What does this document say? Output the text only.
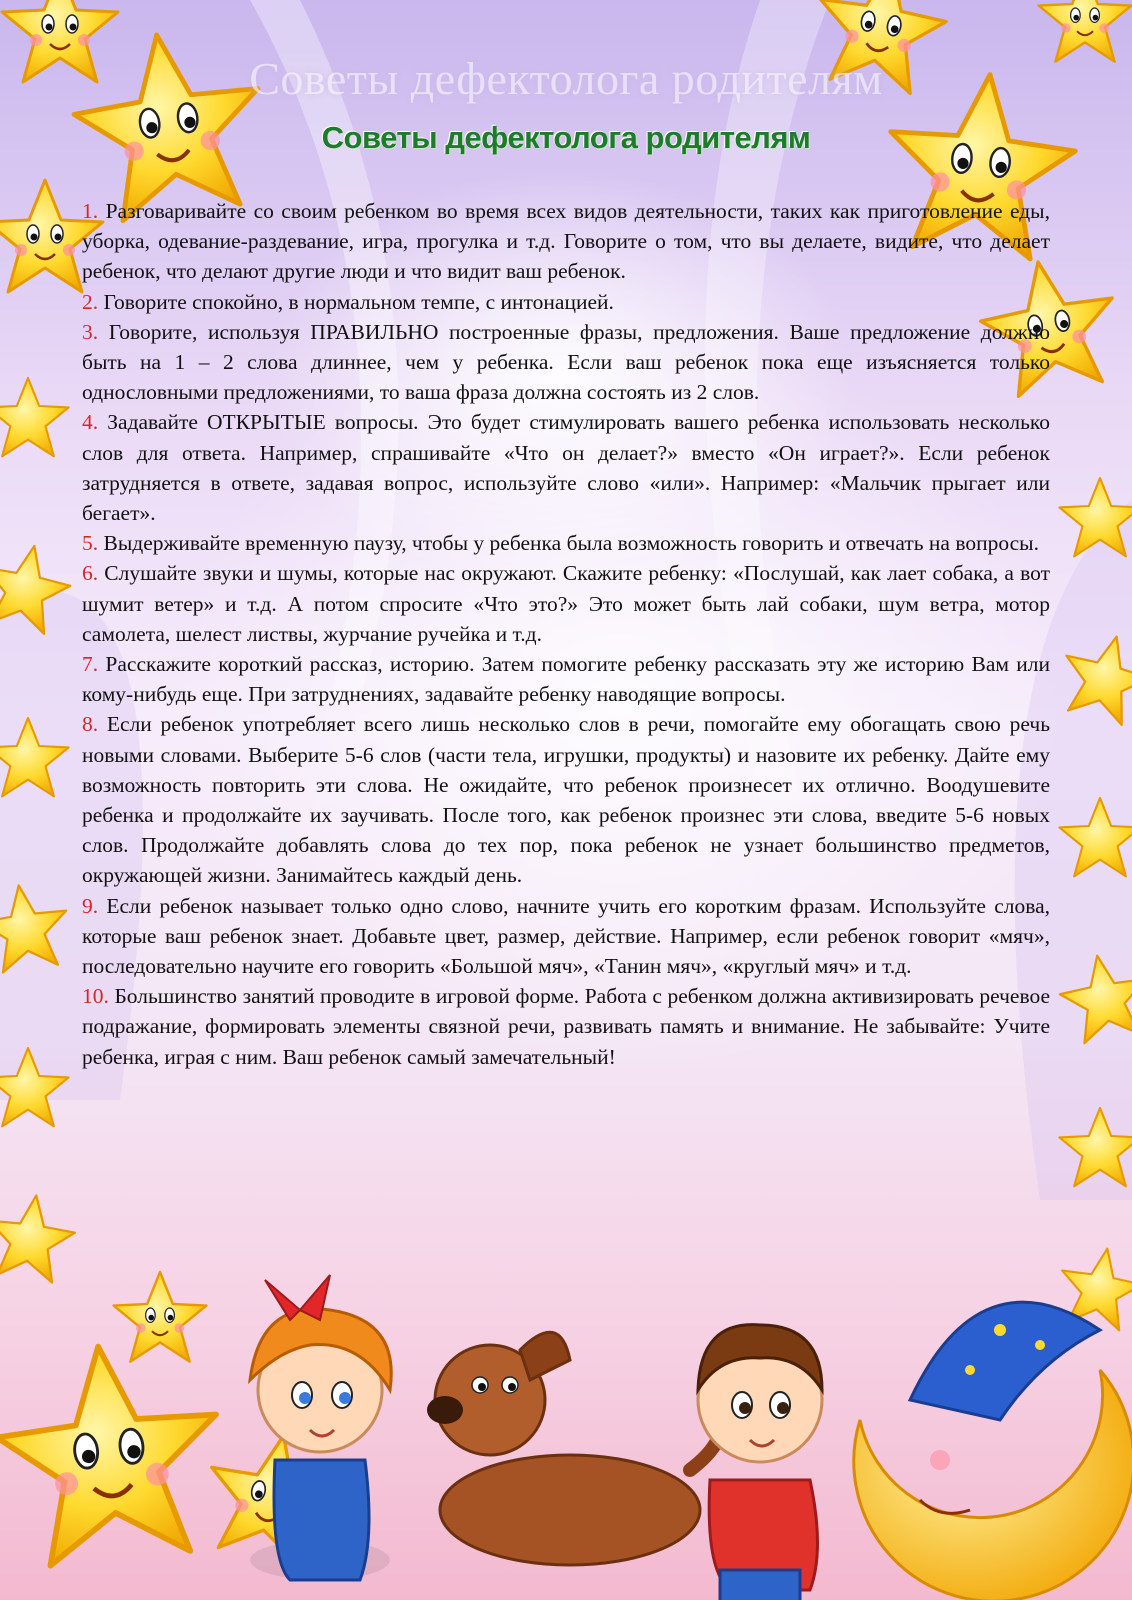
Советы дефектолога родителям
Советы дефектолога родителям

1. Разговаривайте со своим ребенком во время всех видов деятельности, таких как приготовление еды, уборка, одевание-раздевание, игра, прогулка и т.д. Говорите о том, что вы делаете, видите, что делает ребенок, что делают другие люди и что видит ваш ребенок.

2. Говорите спокойно, в нормальном темпе, с интонацией.

3. Говорите, используя ПРАВИЛЬНО построенные фразы, предложения. Ваше предложение должно быть на 1 – 2 слова длиннее, чем у ребенка. Если ваш ребенок пока еще изъясняется только однословными предложениями, то ваша фраза должна состоять из 2 слов.

4. Задавайте ОТКРЫТЫЕ вопросы. Это будет стимулировать вашего ребенка использовать несколько слов для ответа. Например, спрашивайте «Что он делает?» вместо «Он играет?». Если ребенок затрудняется в ответе, задавая вопрос, используйте слово «или». Например: «Мальчик прыгает или бегает».

5. Выдерживайте временную паузу, чтобы у ребенка была возможность говорить и отвечать на вопросы.

6. Слушайте звуки и шумы, которые нас окружают. Скажите ребенку: «Послушай, как лает собака, а вот шумит ветер» и т.д. А потом спросите «Что это?» Это может быть лай собаки, шум ветра, мотор самолета, шелест листвы, журчание ручейка и т.д.

7. Расскажите короткий рассказ, историю. Затем помогите ребенку рассказать эту же историю Вам или кому-нибудь еще. При затруднениях, задавайте ребенку наводящие вопросы.

8. Если ребенок употребляет всего лишь несколько слов в речи, помогайте ему обогащать свою речь новыми словами. Выберите 5-6 слов (части тела, игрушки, продукты) и назовите их ребенку. Дайте ему возможность повторить эти слова. Не ожидайте, что ребенок произнесет их отлично. Воодушевите ребенка и продолжайте их заучивать. После того, как ребенок произнес эти слова, введите 5-6 новых слов. Продолжайте добавлять слова до тех пор, пока ребенок не узнает большинство предметов, окружающей жизни. Занимайтесь каждый день.

9. Если ребенок называет только одно слово, начните учить его коротким фразам. Используйте слова, которые ваш ребенок знает. Добавьте цвет, размер, действие. Например, если ребенок говорит «мяч», последовательно научите его говорить «Большой мяч», «Танин мяч», «круглый мяч» и т.д.

10. Большинство занятий проводите в игровой форме. Работа с ребенком должна активизировать речевое подражание, формировать элементы связной речи, развивать память и внимание. Не забывайте: Учите ребенка, играя с ним. Ваш ребенок самый замечательный!
